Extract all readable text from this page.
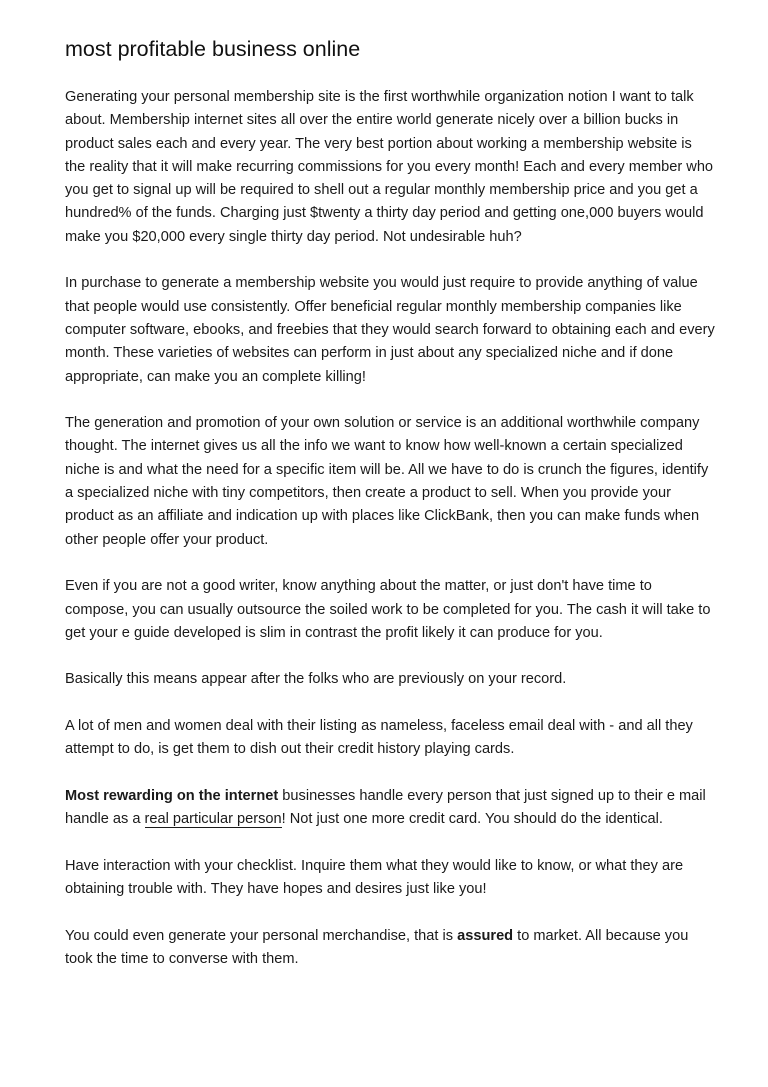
most profitable business online

Generating your personal membership site is the first worthwhile organization notion I want to talk about. Membership internet sites all over the entire world generate nicely over a billion bucks in product sales each and every year. The very best portion about working a membership website is the reality that it will make recurring commissions for you every month! Each and every member who you get to signal up will be required to shell out a regular monthly membership price and you get a hundred% of the funds. Charging just $twenty a thirty day period and getting one,000 buyers would make you $20,000 every single thirty day period. Not undesirable huh?

In purchase to generate a membership website you would just require to provide anything of value that people would use consistently. Offer beneficial regular monthly membership companies like computer software, ebooks, and freebies that they would search forward to obtaining each and every month. These varieties of websites can perform in just about any specialized niche and if done appropriate, can make you an complete killing!

The generation and promotion of your own solution or service is an additional worthwhile company thought. The internet gives us all the info we want to know how well-known a certain specialized niche is and what the need for a specific item will be. All we have to do is crunch the figures, identify a specialized niche with tiny competitors, then create a product to sell. When you provide your product as an affiliate and indication up with places like ClickBank, then you can make funds when other people offer your product.

Even if you are not a good writer, know anything about the matter, or just don't have time to compose, you can usually outsource the soiled work to be completed for you. The cash it will take to get your e guide developed is slim in contrast the profit likely it can produce for you.

Basically this means appear after the folks who are previously on your record.

A lot of men and women deal with their listing as nameless, faceless email deal with - and all they attempt to do, is get them to dish out their credit history playing cards.

Most rewarding on the internet businesses handle every person that just signed up to their e mail handle as a real particular person! Not just one more credit card. You should do the identical.

Have interaction with your checklist. Inquire them what they would like to know, or what they are obtaining trouble with. They have hopes and desires just like you!

You could even generate your personal merchandise, that is assured to market. All because you took the time to converse with them.
